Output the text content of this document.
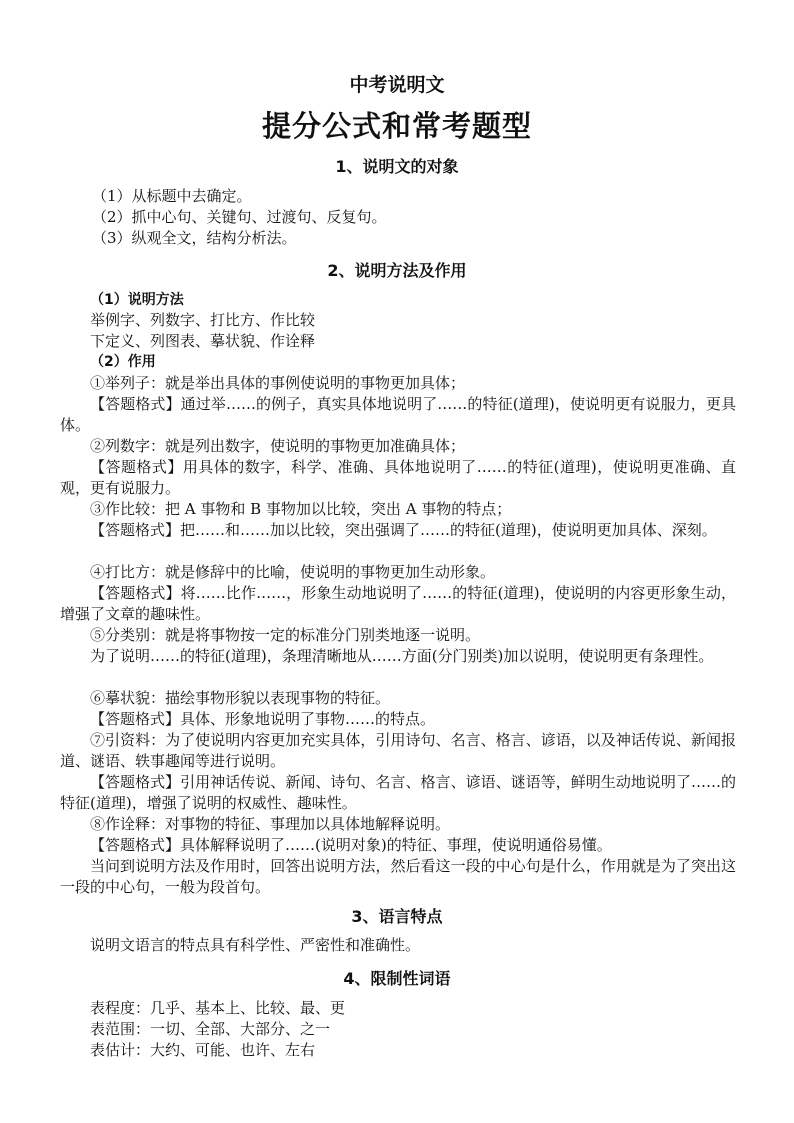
中考说明文
提分公式和常考题型
1、说明文的对象
（1）从标题中去确定。
（2）抓中心句、关键句、过渡句、反复句。
（3）纵观全文，结构分析法。
2、说明方法及作用
（1）说明方法
举例字、列数字、打比方、作比较
下定义、列图表、摹状貌、作诠释
（2）作用
①举列子：就是举出具体的事例使说明的事物更加具体；
【答题格式】通过举……的例子，真实具体地说明了……的特征(道理)，使说明更有说服力，更具体。
②列数字：就是列出数字，使说明的事物更加准确具体；
【答题格式】用具体的数字，科学、准确、具体地说明了……的特征(道理)，使说明更准确、直观，更有说服力。
③作比较：把 A 事物和 B 事物加以比较，突出 A 事物的特点；
【答题格式】把……和……加以比较，突出强调了……的特征(道理)，使说明更加具体、深刻。
④打比方：就是修辞中的比喻，使说明的事物更加生动形象。
【答题格式】将……比作……，形象生动地说明了……的特征(道理)，使说明的内容更形象生动，增强了文章的趣味性。
⑤分类别：就是将事物按一定的标准分门别类地逐一说明。
为了说明……的特征(道理)，条理清晰地从……方面(分门别类)加以说明，使说明更有条理性。
⑥摹状貌：描绘事物形貌以表现事物的特征。
【答题格式】具体、形象地说明了事物……的特点。
⑦引资料：为了使说明内容更加充实具体，引用诗句、名言、格言、谚语，以及神话传说、新闻报道、谜语、轶事趣闻等进行说明。
【答题格式】引用神话传说、新闻、诗句、名言、格言、谚语、谜语等，鲜明生动地说明了……的特征(道理)，增强了说明的权威性、趣味性。
⑧作诠释：对事物的特征、事理加以具体地解释说明。
【答题格式】具体解释说明了……(说明对象)的特征、事理，使说明通俗易懂。
当问到说明方法及作用时，回答出说明方法，然后看这一段的中心句是什么，作用就是为了突出这一段的中心句，一般为段首句。
3、语言特点
说明文语言的特点具有科学性、严密性和准确性。
4、限制性词语
表程度：几乎、基本上、比较、最、更
表范围：一切、全部、大部分、之一
表估计：大约、可能、也许、左右
